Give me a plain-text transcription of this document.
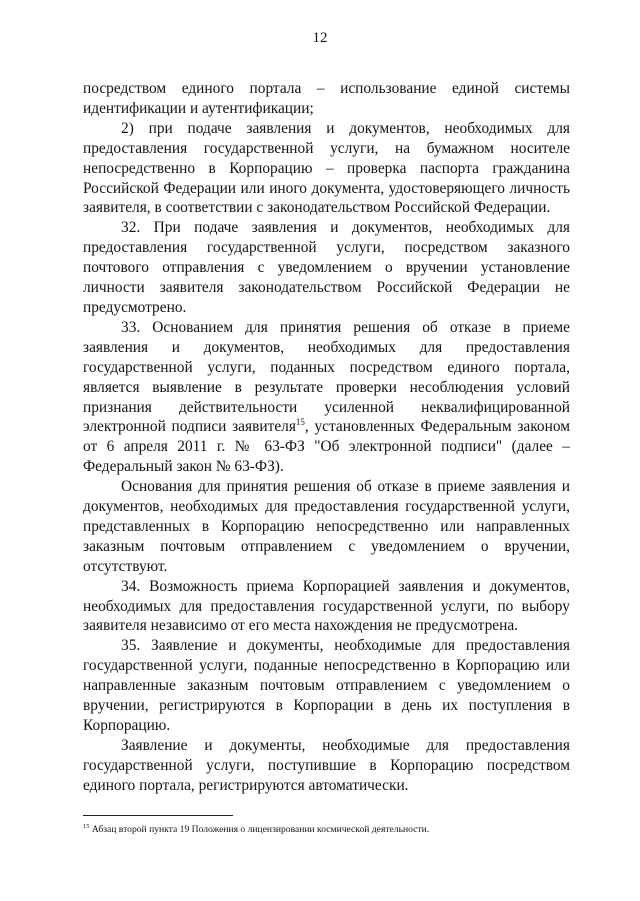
12

посредством единого портала – использование единой системы идентификации и аутентификации;

2) при подаче заявления и документов, необходимых для предоставления государственной услуги, на бумажном носителе непосредственно в Корпорацию – проверка паспорта гражданина Российской Федерации или иного документа, удостоверяющего личность заявителя, в соответствии с законодательством Российской Федерации.

32. При подаче заявления и документов, необходимых для предоставления государственной услуги, посредством заказного почтового отправления с уведомлением о вручении установление личности заявителя законодательством Российской Федерации не предусмотрено.

33. Основанием для принятия решения об отказе в приеме заявления и документов, необходимых для предоставления государственной услуги, поданных посредством единого портала, является выявление в результате проверки несоблюдения условий признания действительности усиленной неквалифицированной электронной подписи заявителя$^{15}$, установленных Федеральным законом от 6 апреля 2011 г. № 63-ФЗ "Об электронной подписи" (далее –Федеральный закон № 63-ФЗ).

Основания для принятия решения об отказе в приеме заявления и документов, необходимых для предоставления государственной услуги, представленных в Корпорацию непосредственно или направленных заказным почтовым отправлением с уведомлением о вручении, отсутствуют.

34. Возможность приема Корпорацией заявления и документов, необходимых для предоставления государственной услуги, по выбору заявителя независимо от его места нахождения не предусмотрена.

35. Заявление и документы, необходимые для предоставления государственной услуги, поданные непосредственно в Корпорацию или направленные заказным почтовым отправлением с уведомлением о вручении, регистрируются в Корпорации в день их поступления в Корпорацию.

Заявление и документы, необходимые для предоставления государственной услуги, поступившие в Корпорацию посредством единого портала, регистрируются автоматически.

$^{15}$ Абзац второй пункта 19 Положения о лицензировании космической деятельности.
